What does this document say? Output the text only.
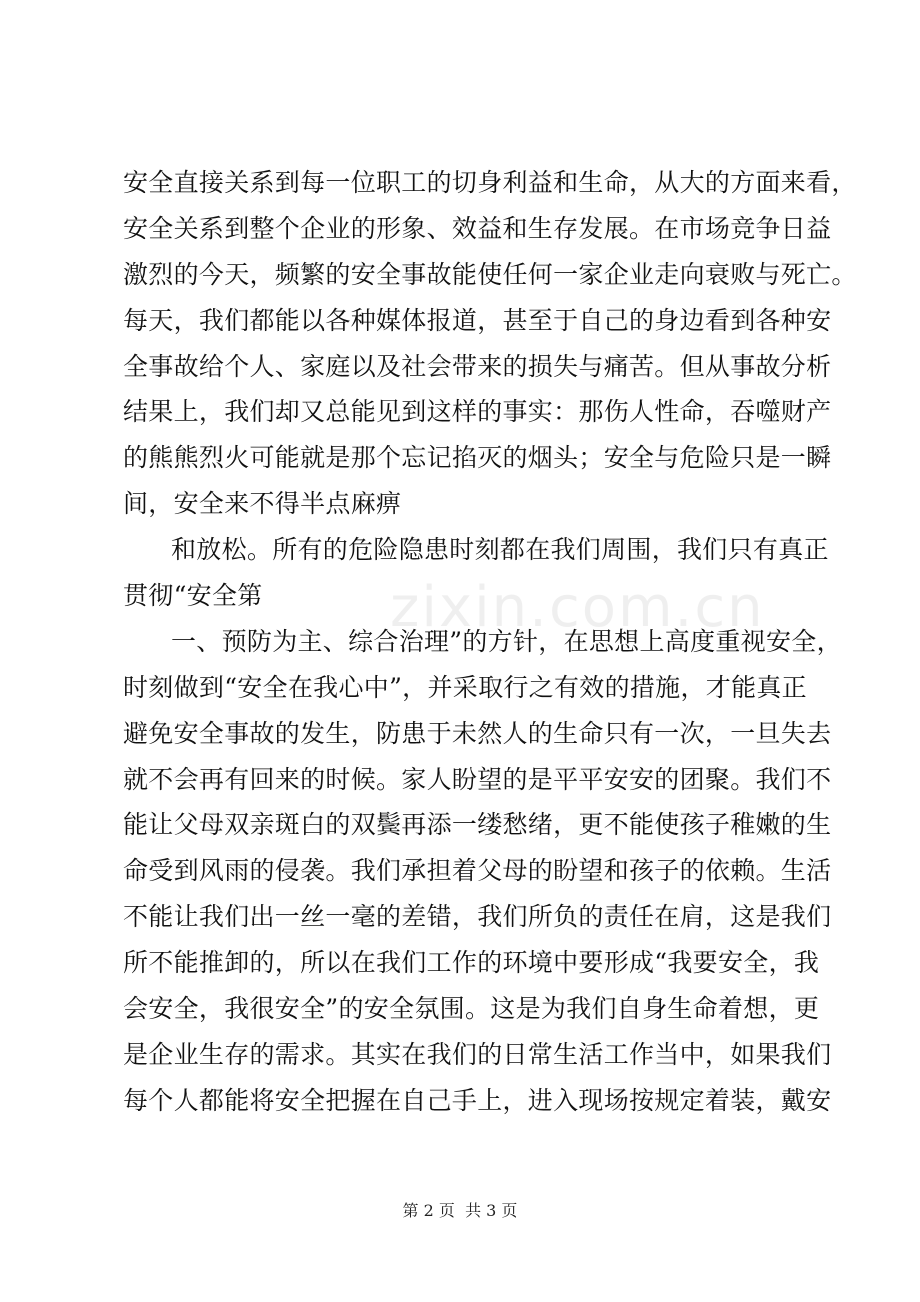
zixin.com.cn
安全直接关系到每一位职工的切身利益和生命，从大的方面来看，
安全关系到整个企业的形象、效益和生存发展。在市场竞争日益
激烈的今天，频繁的安全事故能使任何一家企业走向衰败与死亡。
每天，我们都能以各种媒体报道，甚至于自己的身边看到各种安
全事故给个人、家庭以及社会带来的损失与痛苦。但从事故分析
结果上，我们却又总能见到这样的事实：那伤人性命，吞噬财产
的熊熊烈火可能就是那个忘记掐灭的烟头；安全与危险只是一瞬
间，安全来不得半点麻痹
和放松。所有的危险隐患时刻都在我们周围，我们只有真正
贯彻“安全第
一、预防为主、综合治理”的方针，在思想上高度重视安全，
时刻做到“安全在我心中”，并采取行之有效的措施，才能真正
避免安全事故的发生，防患于未然人的生命只有一次，一旦失去
就不会再有回来的时候。家人盼望的是平平安安的团聚。我们不
能让父母双亲斑白的双鬓再添一缕愁绪，更不能使孩子稚嫩的生
命受到风雨的侵袭。我们承担着父母的盼望和孩子的依赖。生活
不能让我们出一丝一毫的差错，我们所负的责任在肩，这是我们
所不能推卸的，所以在我们工作的环境中要形成“我要安全，我
会安全，我很安全”的安全氛围。这是为我们自身生命着想，更
是企业生存的需求。其实在我们的日常生活工作当中，如果我们
每个人都能将安全把握在自己手上，进入现场按规定着装，戴安
第 2 页  共 3 页
